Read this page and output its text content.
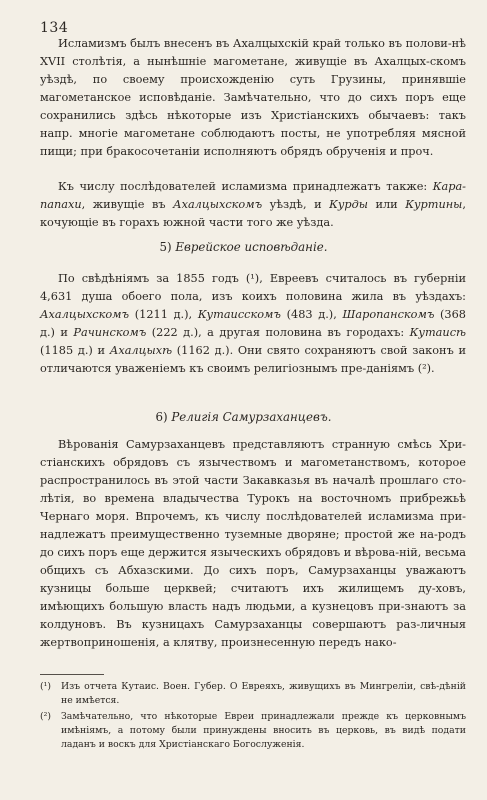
134

Исламизмъ былъ внесенъ въ Ахалцыхскій край только въ полови-нѣ XVII столѣтія, а нынѣшніе магометане, живущіе въ Ахалцых-скомъ уѣздѣ, по своему происхожденію суть Грузины, принявшіе магометанское исповѣданіе. Замѣчательно, что до сихъ поръ еще сохранились здѣсь нѣкоторые изъ Христіанскихъ обычаевъ: такъ напр. многіе магометане соблюдаютъ посты, не употребляя мясной пищи; при бракосочетаніи исполняютъ обрядъ обрученія и проч.

Къ числу послѣдователей исламизма принадлежатъ также: Кара-папахи, живущіе въ Ахалцыхскомъ уѣздѣ, и Курды или Куртины, кочующіе въ горахъ южной части того же уѣзда.

5) Еврейское исповѣданіе.

По свѣдѣніямъ за 1855 годъ (¹), Евреевъ считалось въ губерніи 4,631 душа обоего пола, изъ коихъ половина жила въ уѣздахъ: Ахалцыхскомъ (1211 д.), Кутаисскомъ (483 д.), Шаропанскомъ (368 д.) и Рачинскомъ (222 д.), а другая половина въ городахъ: Кутаисѣ (1185 д.) и Ахалцыхѣ (1162 д.). Они свято сохраняютъ свой законъ и отличаются уваженіемъ къ своимъ религіознымъ пре-даніямъ (²).

6) Религія Самурзаханцевъ.

Вѣрованія Самурзаханцевъ представляютъ странную смѣсь Хри-стіанскихъ обрядовъ съ язычествомъ и магометанствомъ, которое распространилось въ этой части Закавказья въ началѣ прошлаго сто-лѣтія, во времена владычества Турокъ на восточномъ прибрежьѣ Чернаго моря. Впрочемъ, къ числу послѣдователей исламизма при-надлежатъ преимущественно туземные дворяне; простой же на-родъ до сихъ поръ еще держится языческихъ обрядовъ и вѣрова-ній, весьма общихъ съ Абхазскими. До сихъ поръ, Самурзаханцы уважаютъ кузницы больше церквей; считаютъ ихъ жилищемъ ду-ховъ, имѣющихъ большую власть надъ людьми, а кузнецовъ при-знаютъ за колдуновъ. Въ кузницахъ Самурзаханцы совершаютъ раз-личныя жертвоприношенія, а клятву, произнесенную передъ нако-

(¹)	Изъ отчета Кутаис. Воен. Губер. О Евреяхъ, живущихъ въ Мингреліи, свѣ-дѣній не имѣется.
(²)	Замѣчательно, что нѣкоторые Евреи принадлежали прежде къ церковнымъ имѣніямъ, а потому были принуждены вносить въ церковь, въ видѣ подати ладанъ и воскъ для Христіанскаго Богослуженія.
